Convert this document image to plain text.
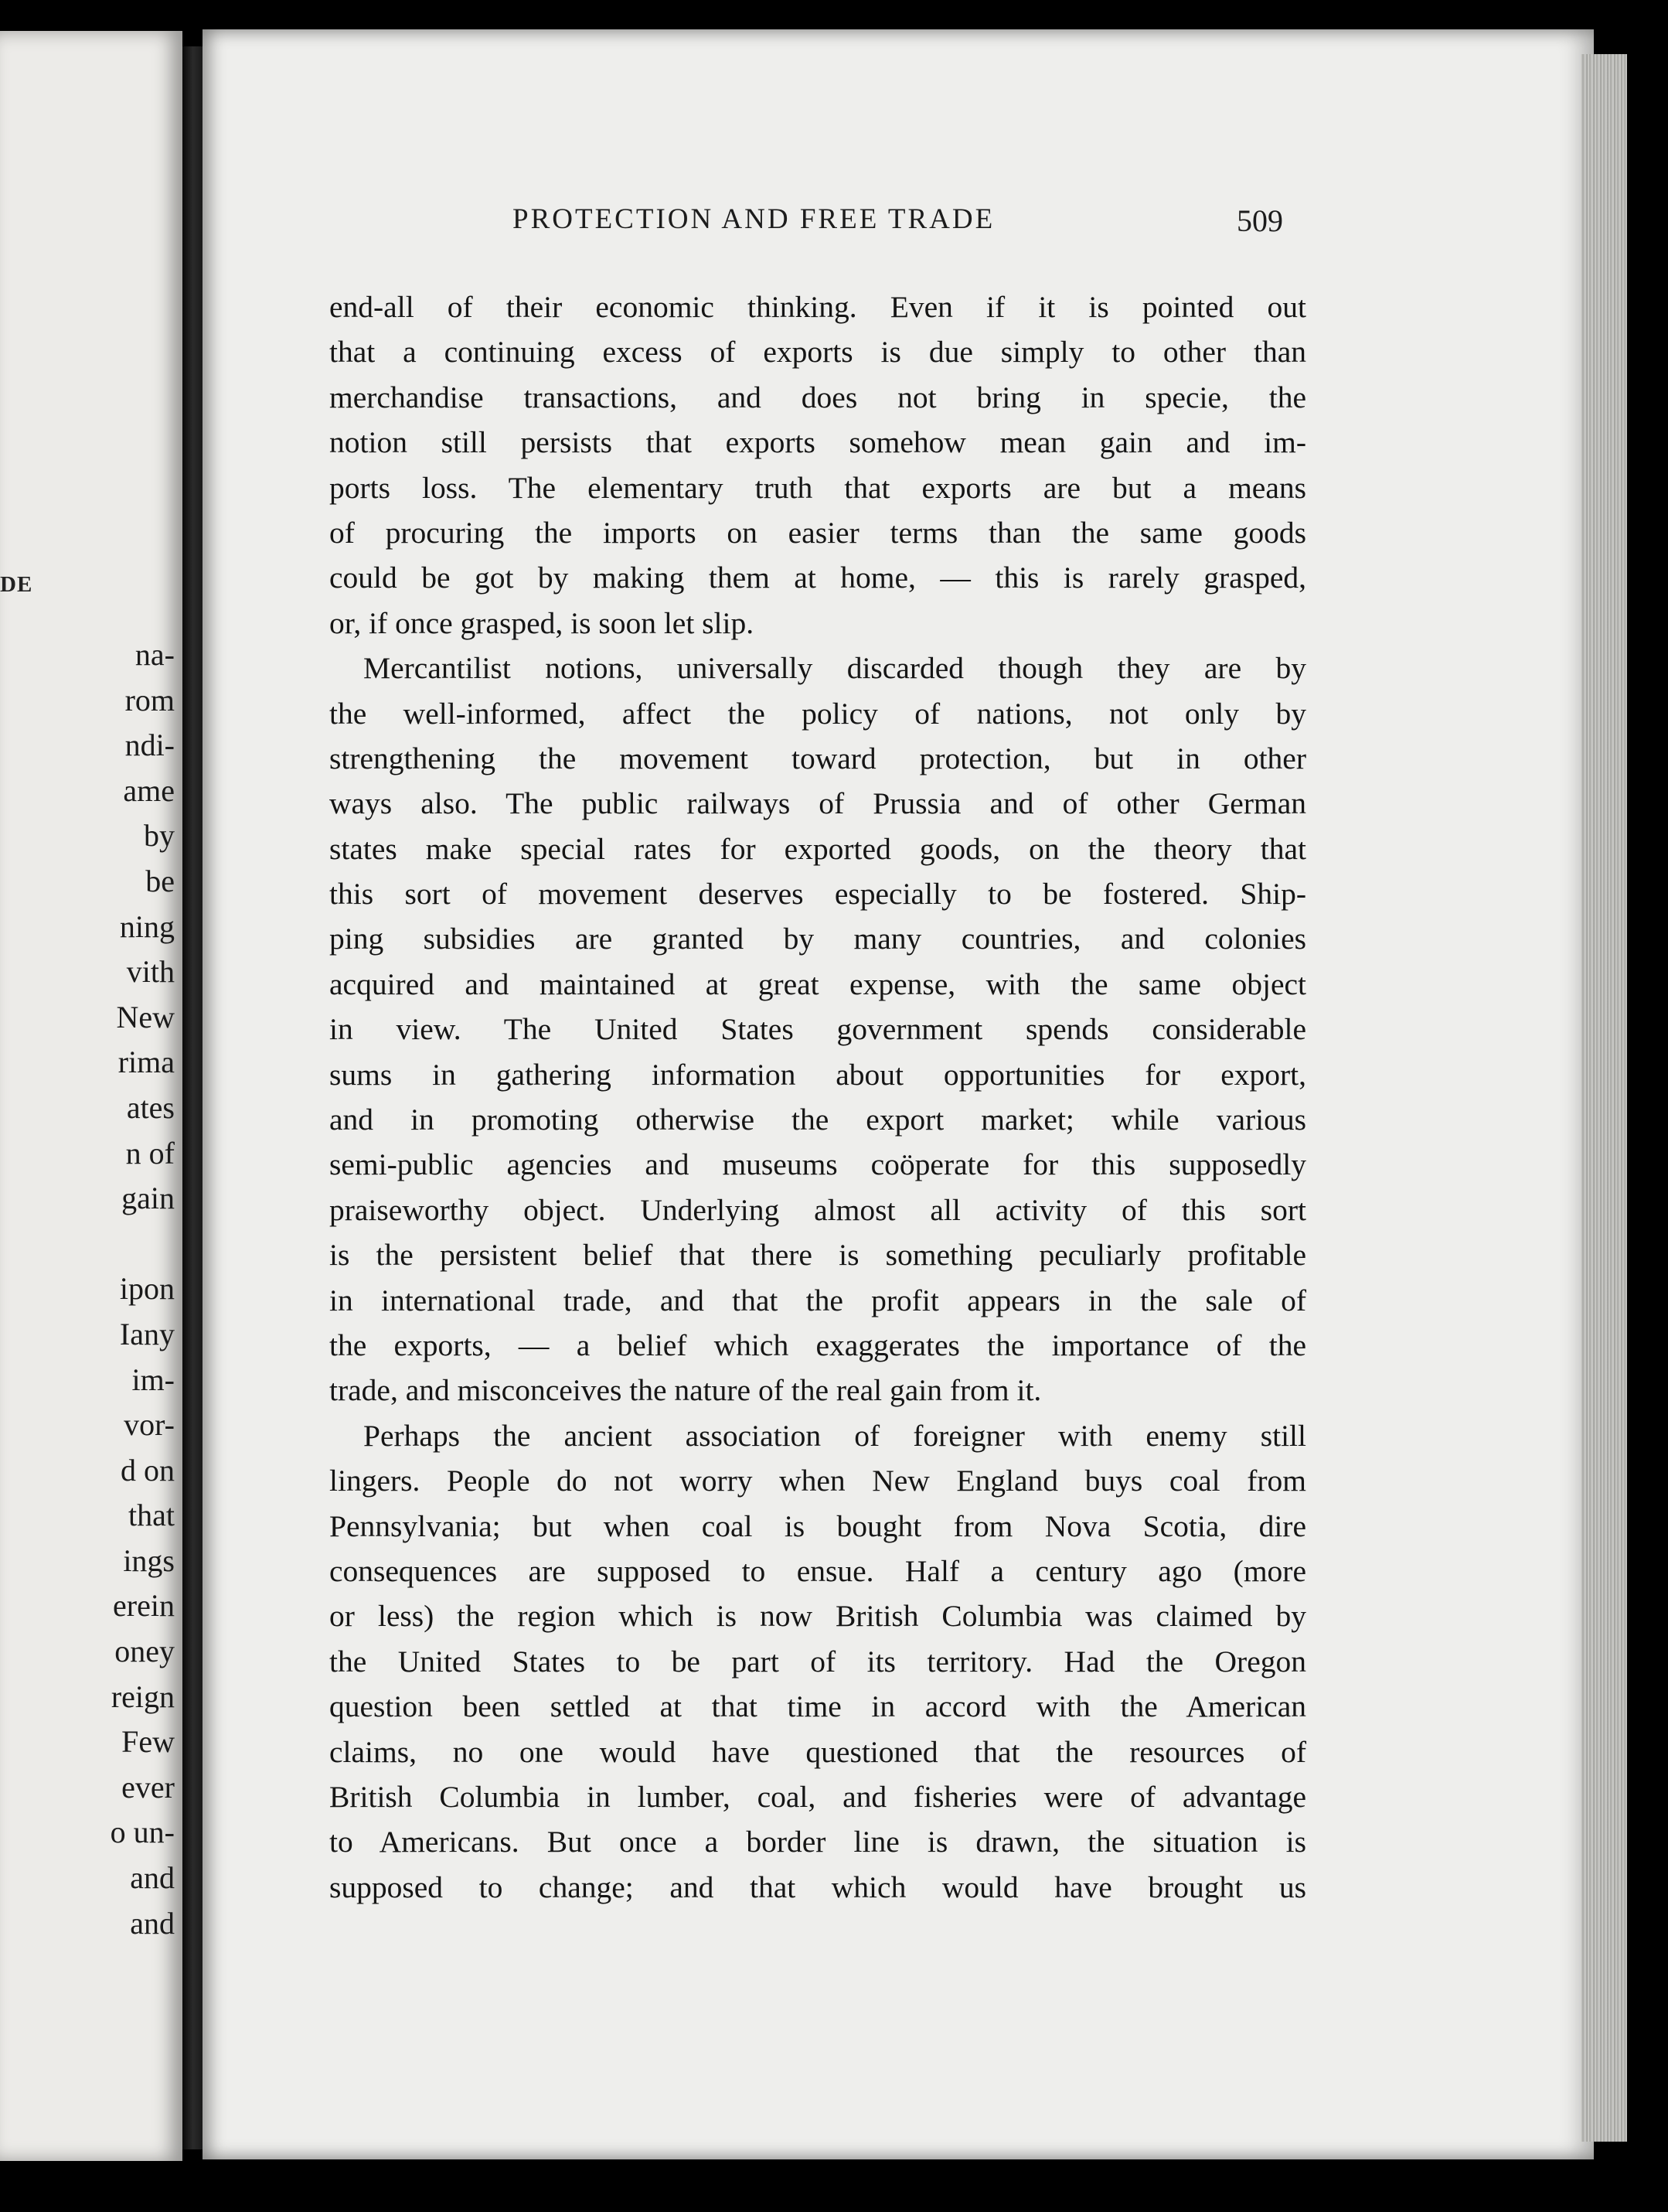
DE
na-
rom
ndi-
ame
by
be
ning
vith
New
rima
ates
n of
gain
ipon
Iany
im-
vor-
d on
that
ings
erein
oney
reign
Few
ever
o un-
and
and
PROTECTION AND FREE TRADE	509
end-all of their economic thinking. Even if it is pointed out
that a continuing excess of exports is due simply to other than
merchandise transactions, and does not bring in specie, the
notion still persists that exports somehow mean gain and im-
ports loss. The elementary truth that exports are but a means
of procuring the imports on easier terms than the same goods
could be got by making them at home, — this is rarely grasped,
or, if once grasped, is soon let slip.
Mercantilist notions, universally discarded though they are by
the well-informed, affect the policy of nations, not only by
strengthening the movement toward protection, but in other
ways also. The public railways of Prussia and of other German
states make special rates for exported goods, on the theory that
this sort of movement deserves especially to be fostered. Ship-
ping subsidies are granted by many countries, and colonies
acquired and maintained at great expense, with the same object
in view. The United States government spends considerable
sums in gathering information about opportunities for export,
and in promoting otherwise the export market; while various
semi-public agencies and museums coöperate for this supposedly
praiseworthy object. Underlying almost all activity of this sort
is the persistent belief that there is something peculiarly profitable
in international trade, and that the profit appears in the sale of
the exports, — a belief which exaggerates the importance of the
trade, and misconceives the nature of the real gain from it.
Perhaps the ancient association of foreigner with enemy still
lingers. People do not worry when New England buys coal from
Pennsylvania; but when coal is bought from Nova Scotia, dire
consequences are supposed to ensue. Half a century ago (more
or less) the region which is now British Columbia was claimed by
the United States to be part of its territory. Had the Oregon
question been settled at that time in accord with the American
claims, no one would have questioned that the resources of
British Columbia in lumber, coal, and fisheries were of advantage
to Americans. But once a border line is drawn, the situation is
supposed to change; and that which would have brought us
